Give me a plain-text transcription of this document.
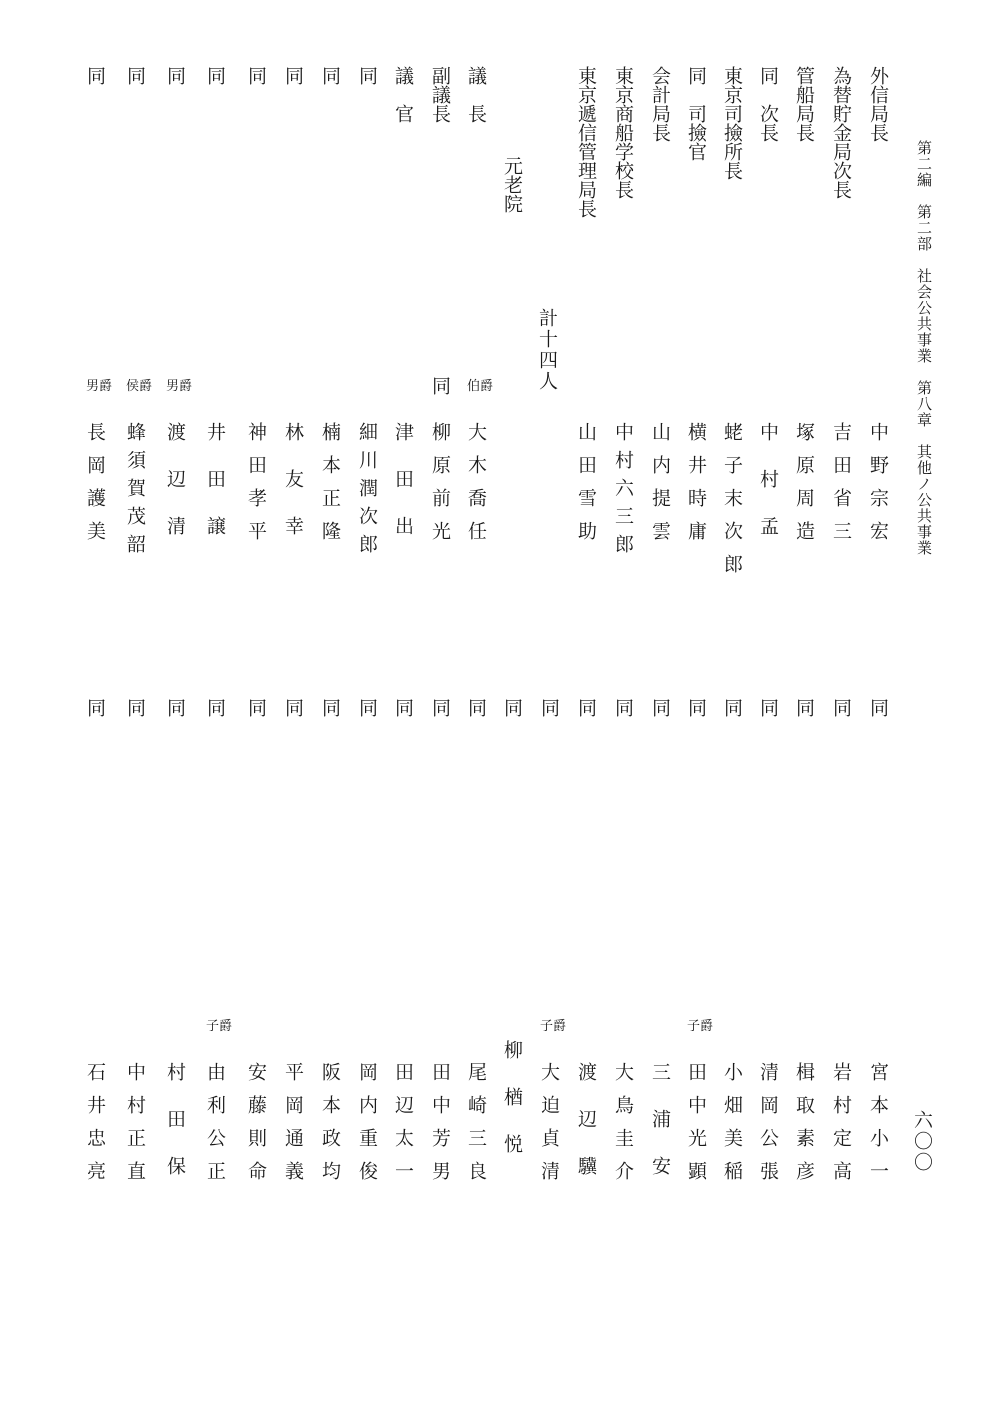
第二編　第二部　社会公共事業　第八章　其他ノ公共事業
六〇〇
外信局長
中野宗宏
為替貯金局次長
吉田省三
管船局長
塚原周造
同　次長
中村孟
東京司撿所長
蛯子末次郎
同　司撿官
横井時庸
会計局長
山内提雲
東京商船学校長
中村六三郎
東京遞信管理局長
山田雪助
計十四人
元老院
議　長
伯爵
大木喬任
副議長
同
柳原前光
議　官
津田出
同
細川潤次郎
同
楠本正隆
同
林友幸
同
神田孝平
同
井田譲
同
男爵
渡辺清
同
侯爵
蜂須賀茂韶
同
男爵
長岡護美
同
宮本小一
同
岩村定高
同
楫取素彦
同
清岡公張
同
小畑美稲
同
子爵
田中光顕
同
三浦安
同
大鳥圭介
同
渡辺驥
同
子爵
大迫貞清
同
柳楢悦
同
尾崎三良
同
田中芳男
同
田辺太一
同
岡内重俊
同
阪本政均
同
平岡通義
同
安藤則命
同
子爵
由利公正
同
村田保
同
中村正直
同
石井忠亮
